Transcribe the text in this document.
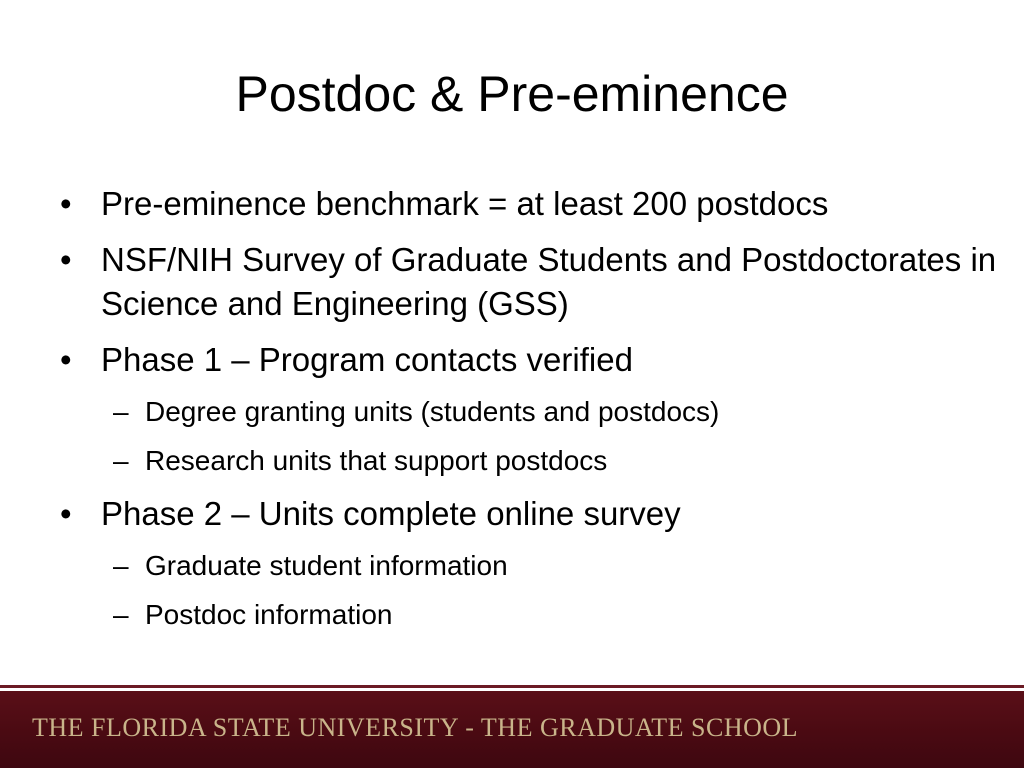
Postdoc & Pre-eminence
• Pre-eminence benchmark = at least 200 postdocs
• NSF/NIH Survey of Graduate Students and Postdoctorates in Science and Engineering (GSS)
• Phase 1 – Program contacts verified
– Degree granting units (students and postdocs)
– Research units that support postdocs
• Phase 2 – Units complete online survey
– Graduate student information
– Postdoc information
THE FLORIDA STATE UNIVERSITY - THE GRADUATE SCHOOL
